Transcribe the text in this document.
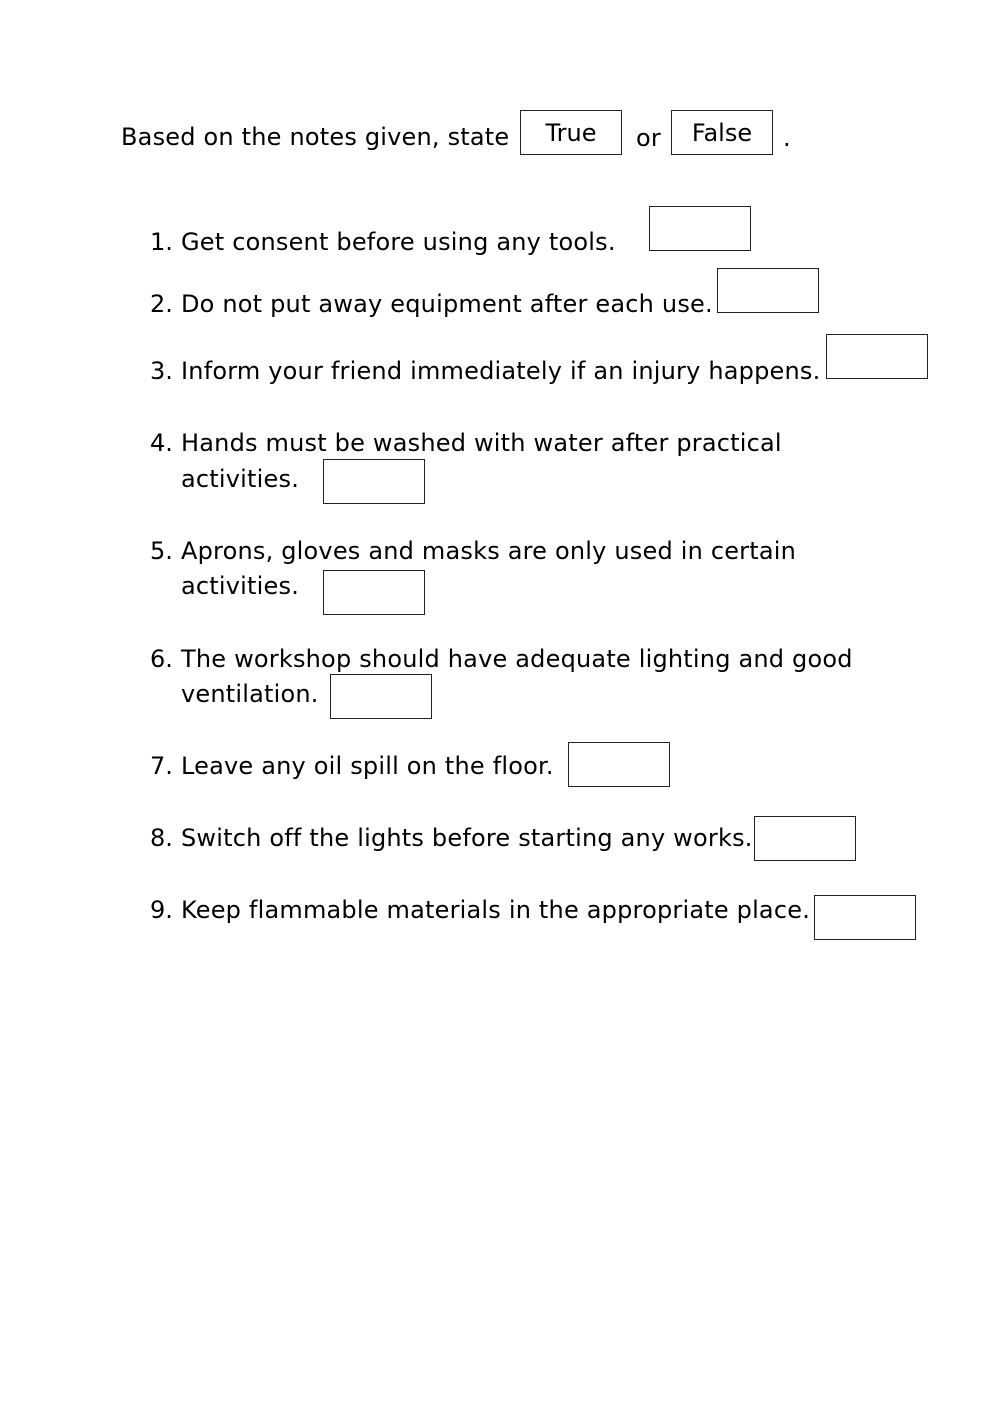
Based on the notes given, state	True	or	False	.
1. Get consent before using any tools.
2. Do not put away equipment after each use.
3. Inform your friend immediately if an injury happens.
4. Hands must be washed with water after practical
activities.
5. Aprons, gloves and masks are only used in certain
activities.
6. The workshop should have adequate lighting and good
ventilation.
7. Leave any oil spill on the floor.
8. Switch off the lights before starting any works.
9. Keep flammable materials in the appropriate place.
